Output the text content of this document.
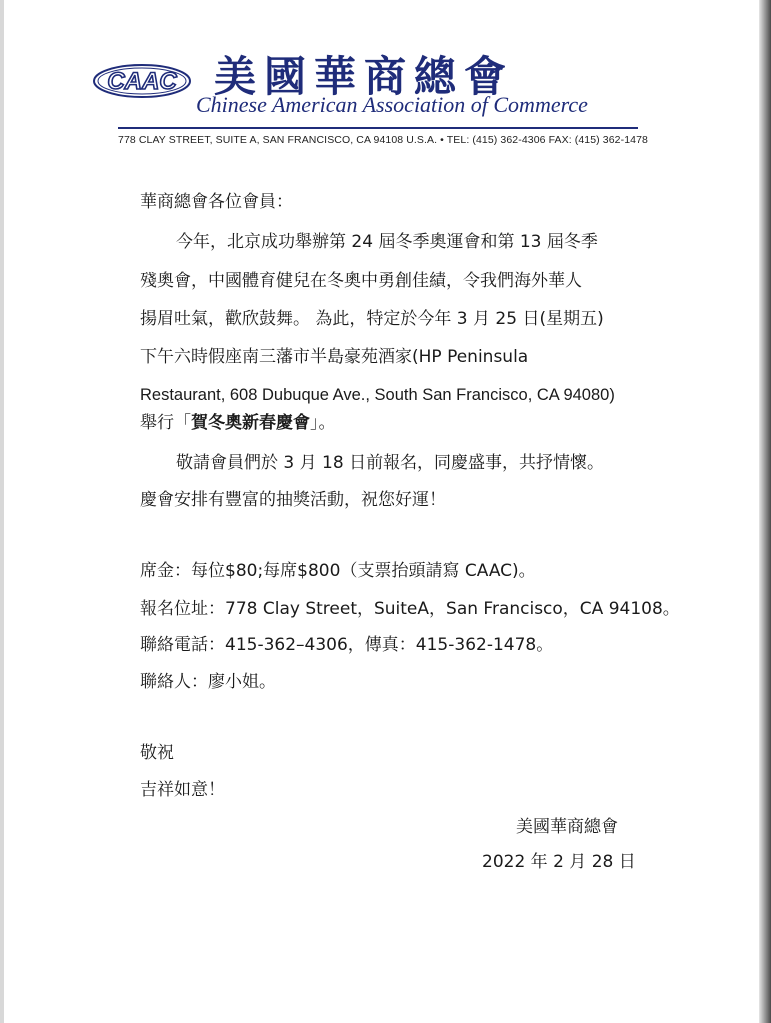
CAAC 美國華商總會
Chinese American Association of Commerce
778 CLAY STREET, SUITE A, SAN FRANCISCO, CA 94108 U.S.A. • TEL: (415) 362-4306 FAX: (415) 362-1478
華商總會各位會員：
今年，北京成功舉辦第 24 屆冬季奧運會和第 13 屆冬季
殘奧會，中國體育健兒在冬奧中勇創佳績，令我們海外華人
揚眉吐氣，歡欣鼓舞。 為此，特定於今年 3 月 25 日(星期五)
下午六時假座南三藩市半島豪苑酒家(HP Peninsula
Restaurant, 608 Dubuque Ave., South San Francisco, CA 94080)
舉行「賀冬奧新春慶會」。
敬請會員們於 3 月 18 日前報名，同慶盛事，共抒情懷。
慶會安排有豐富的抽獎活動，祝您好運！
席金：每位$80;每席$800（支票抬頭請寫 CAAC)。
報名位址：778 Clay Street，SuiteA，San Francisco，CA 94108。
聯絡電話：415-362–4306，傳真：415-362-1478。
聯絡人：廖小姐。
敬祝
吉祥如意！
美國華商總會
2022 年 2 月 28 日
